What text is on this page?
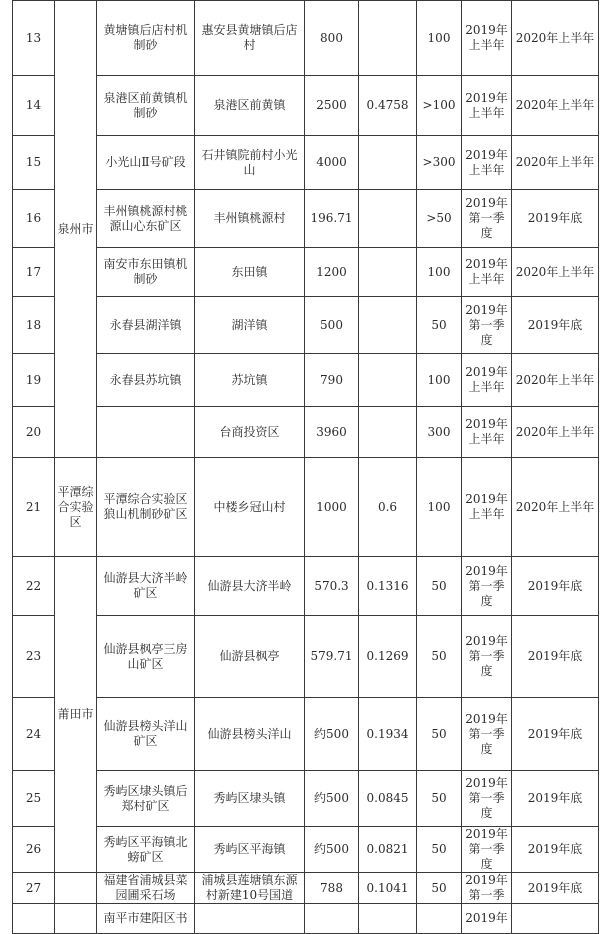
13	泉州市	黄塘镇后店村机制砂	惠安县黄塘镇后店村	800		100	2019年上半年	2020年上半年
14		泉港区前黄镇机制砂	泉港区前黄镇	2500	0.4758	>100	2019年上半年	2020年上半年
15		小光山Ⅱ号矿段	石井镇院前村小光山	4000		>300	2019年上半年	2020年上半年
16		丰州镇桃源村桃源山心东矿区	丰州镇桃源村	196.71		>50	2019年第一季度	2019年底
17		南安市东田镇机制砂	东田镇	1200		100	2019年上半年	2020年上半年
18		永春县湖洋镇	湖洋镇	500		50	2019年第一季度	2019年底
19		永春县苏坑镇	苏坑镇	790		100	2019年上半年	2020年上半年
20			台商投资区	3960		300	2019年上半年	2020年上半年
21	平潭综合实验区	平潭综合实验区狼山机制砂矿区	中楼乡冠山村	1000	0.6	100	2019年上半年	2020年上半年
22	莆田市	仙游县大济半岭矿区	仙游县大济半岭	570.3	0.1316	50	2019年第一季度	2019年底
23		仙游县枫亭三房山矿区	仙游县枫亭	579.71	0.1269	50	2019年第一季度	2019年底
24		仙游县榜头洋山矿区	仙游县榜头洋山	约500	0.1934	50	2019年第一季度	2019年底
25		秀屿区埭头镇后郑村矿区	秀屿区埭头镇	约500	0.0845	50	2019年第一季度	2019年底
26		秀屿区平海镇北螃矿区	秀屿区平海镇	约500	0.0821	50	2019年第一季度	2019年底
27		福建省浦城县菜园圃采石场	浦城县莲塘镇东源村新建10号国道	788	0.1041	50	2019年第一季	2019年底
		南平市建阳区书					2019年	
